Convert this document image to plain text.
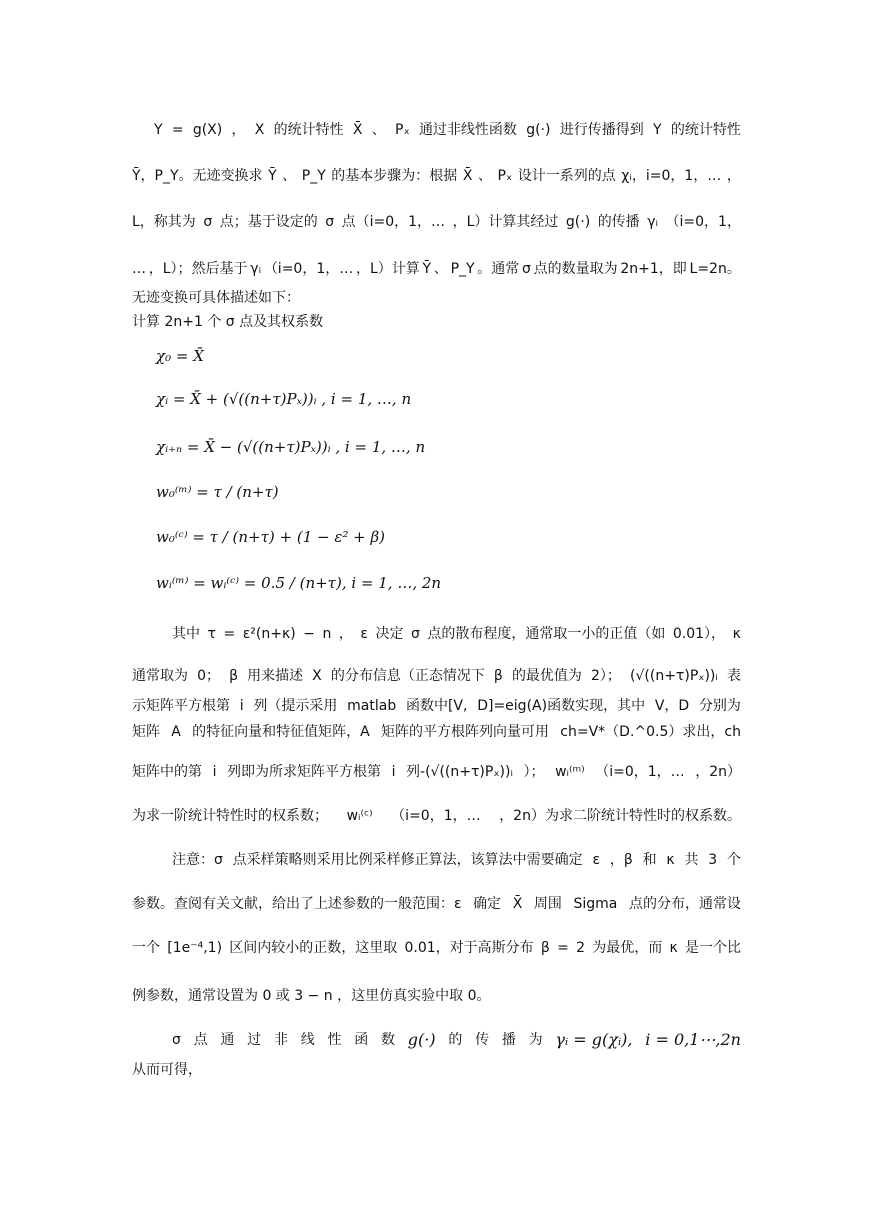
Y = g(X) ， X 的统计特性 X̄ 、 Pₓ 通过非线性函数 g(·) 进行传播得到 Y 的统计特性
Ȳ，P_Y。无迹变换求 Ȳ 、 P_Y 的基本步骤为：根据 X̄ 、 Pₓ 设计一系列的点 χᵢ，i=0，1，… ，
L，称其为 σ 点；基于设定的 σ 点（i=0，1，… ，L）计算其经过 g(·) 的传播 γᵢ （i=0，1，
… ，L）；然后基于 γᵢ （i=0，1，… ，L）计算 Ȳ 、 P_Y 。通常 σ 点的数量取为 2n+1，即 L=2n。
无迹变换可具体描述如下：
计算 2n+1 个 σ 点及其权系数
χ₀ = X̄
χᵢ = X̄ + (√((n+τ)Pₓ))ᵢ , i = 1, …, n
χᵢ₊ₙ = X̄ − (√((n+τ)Pₓ))ᵢ , i = 1, …, n
w₀⁽ᵐ⁾ = τ / (n+τ)
w₀⁽ᶜ⁾ = τ / (n+τ) + (1 − ε² + β)
wᵢ⁽ᵐ⁾ = wᵢ⁽ᶜ⁾ = 0.5 / (n+τ), i = 1, …, 2n
其中 τ = ε²(n+κ) − n ， ε 决定 σ 点的散布程度，通常取一小的正值（如 0.01）， κ
通常取为 0； β 用来描述 X 的分布信息（正态情况下 β 的最优值为 2）； (√((n+τ)Pₓ))ᵢ 表
示矩阵平方根第 i 列（提示采用 matlab 函数中[V, D]=eig(A)函数实现，其中 V，D 分别为
矩阵 A 的特征向量和特征值矩阵，A 矩阵的平方根阵列向量可用 ch=V*（D.^0.5）求出，ch
矩阵中的第 i 列即为所求矩阵平方根第 i 列-(√((n+τ)Pₓ))ᵢ ）； wᵢ⁽ᵐ⁾ （i=0，1，… ，2n）
为求一阶统计特性时的权系数； wᵢ⁽ᶜ⁾ （i=0，1，… ，2n）为求二阶统计特性时的权系数。
注意：σ 点采样策略则采用比例采样修正算法，该算法中需要确定 ε ，β 和 κ 共 3 个
参数。查阅有关文献，给出了上述参数的一般范围：ε 确定 X̄ 周围 Sigma 点的分布，通常设
一个 [1e⁻⁴,1) 区间内较小的正数，这里取 0.01，对于高斯分布 β = 2 为最优，而 κ 是一个比
例参数，通常设置为 0 或 3 − n ，这里仿真实验中取 0。
σ 点 通 过 非 线 性 函 数 g(·) 的 传 播 为 γᵢ = g(χᵢ), i = 0,1⋯,2n
从而可得，
